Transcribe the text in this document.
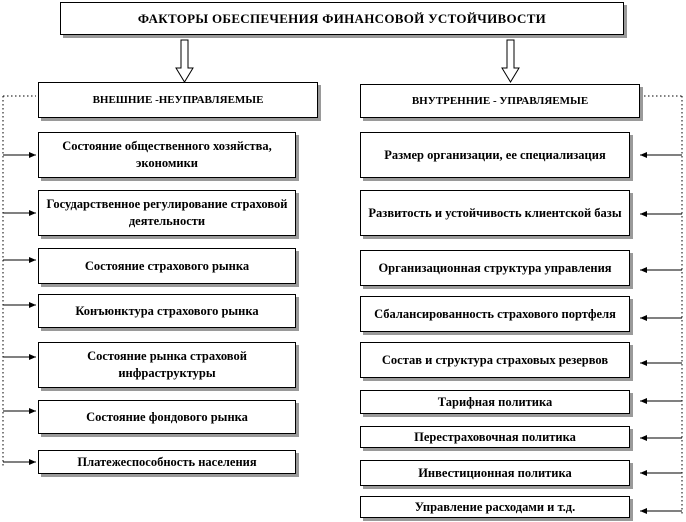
ФАКТОРЫ ОБЕСПЕЧЕНИЯ ФИНАНСОВОЙ УСТОЙЧИВОСТИ
ВНЕШНИЕ -НЕУПРАВЛЯЕМЫЕ	ВНУТРЕННИЕ - УПРАВЛЯЕМЫЕ
Состояние общественного хозяйства, экономики
Государственное регулирование страховой деятельности
Состояние страхового рынка
Конъюнктура страхового рынка
Состояние рынка страховой инфраструктуры
Состояние фондового рынка
Платежеспособность населения
Размер организации, ее специализация
Развитость и устойчивость клиентской базы
Организационная структура управления
Сбалансированность страхового портфеля
Состав и структура страховых резервов
Тарифная политика
Перестраховочная политика
Инвестиционная политика
Управление расходами и т.д.
